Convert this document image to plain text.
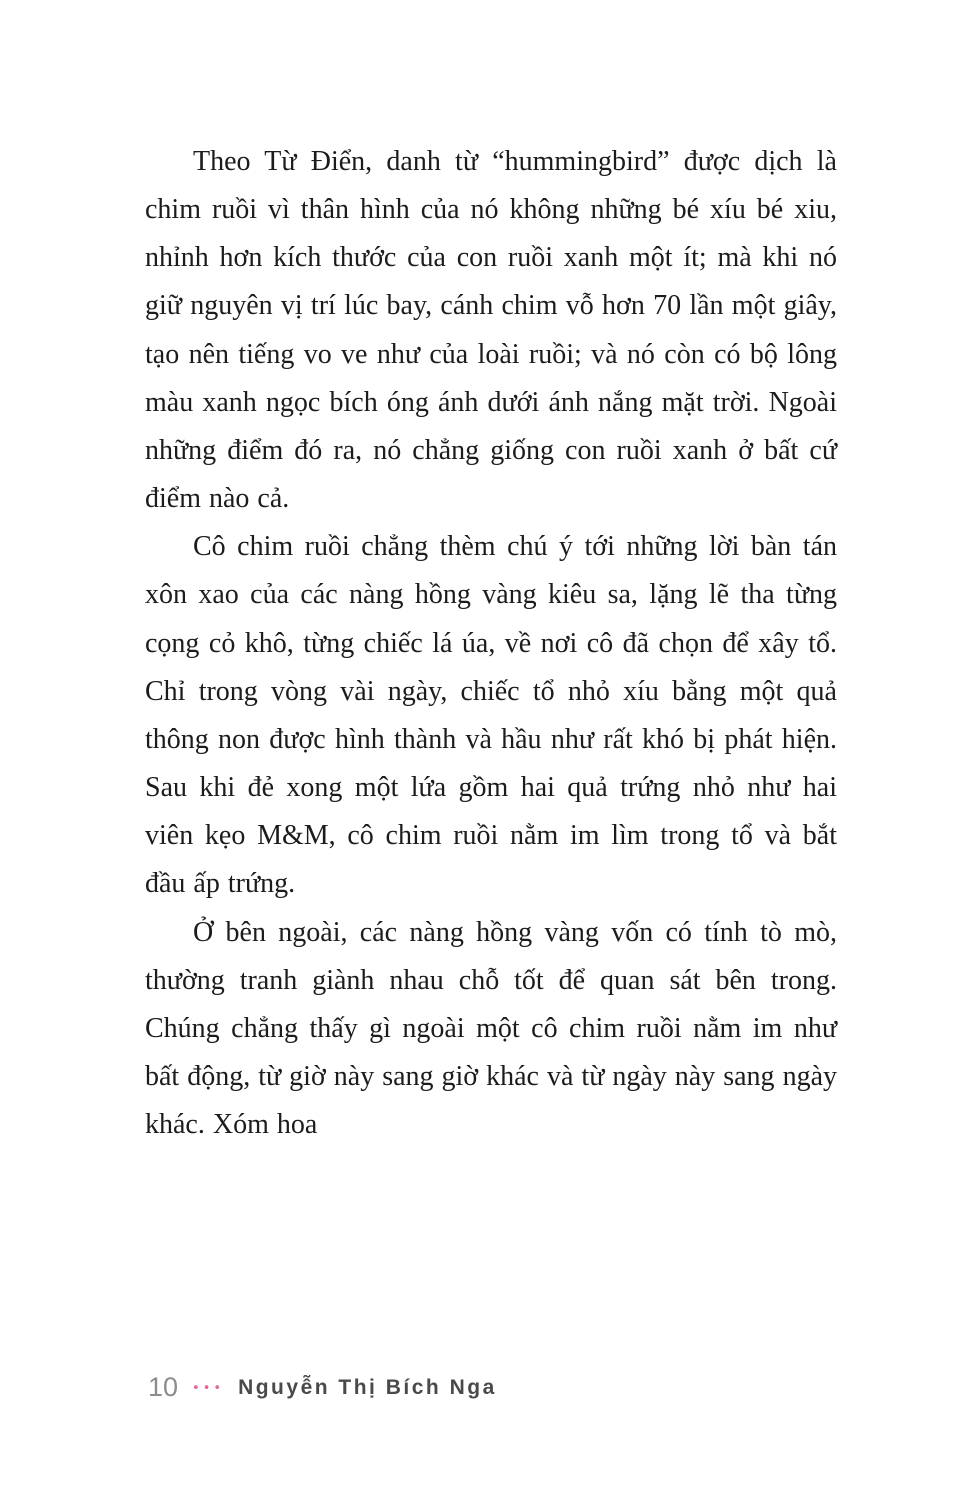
Theo Từ Điển, danh từ “hummingbird” được dịch là chim ruồi vì thân hình của nó không những bé xíu bé xiu, nhỉnh hơn kích thước của con ruồi xanh một ít; mà khi nó giữ nguyên vị trí lúc bay, cánh chim vỗ hơn 70 lần một giây, tạo nên tiếng vo ve như của loài ruồi; và nó còn có bộ lông màu xanh ngọc bích óng ánh dưới ánh nắng mặt trời. Ngoài những điểm đó ra, nó chẳng giống con ruồi xanh ở bất cứ điểm nào cả.

Cô chim ruồi chẳng thèm chú ý tới những lời bàn tán xôn xao của các nàng hồng vàng kiêu sa, lặng lẽ tha từng cọng cỏ khô, từng chiếc lá úa, về nơi cô đã chọn để xây tổ. Chỉ trong vòng vài ngày, chiếc tổ nhỏ xíu bằng một quả thông non được hình thành và hầu như rất khó bị phát hiện. Sau khi đẻ xong một lứa gồm hai quả trứng nhỏ như hai viên kẹo M&M, cô chim ruồi nằm im lìm trong tổ và bắt đầu ấp trứng.

Ở bên ngoài, các nàng hồng vàng vốn có tính tò mò, thường tranh giành nhau chỗ tốt để quan sát bên trong. Chúng chẳng thấy gì ngoài một cô chim ruồi nằm im như bất động, từ giờ này sang giờ khác và từ ngày này sang ngày khác. Xóm hoa

10 ••• Nguyễn Thị Bích Nga
